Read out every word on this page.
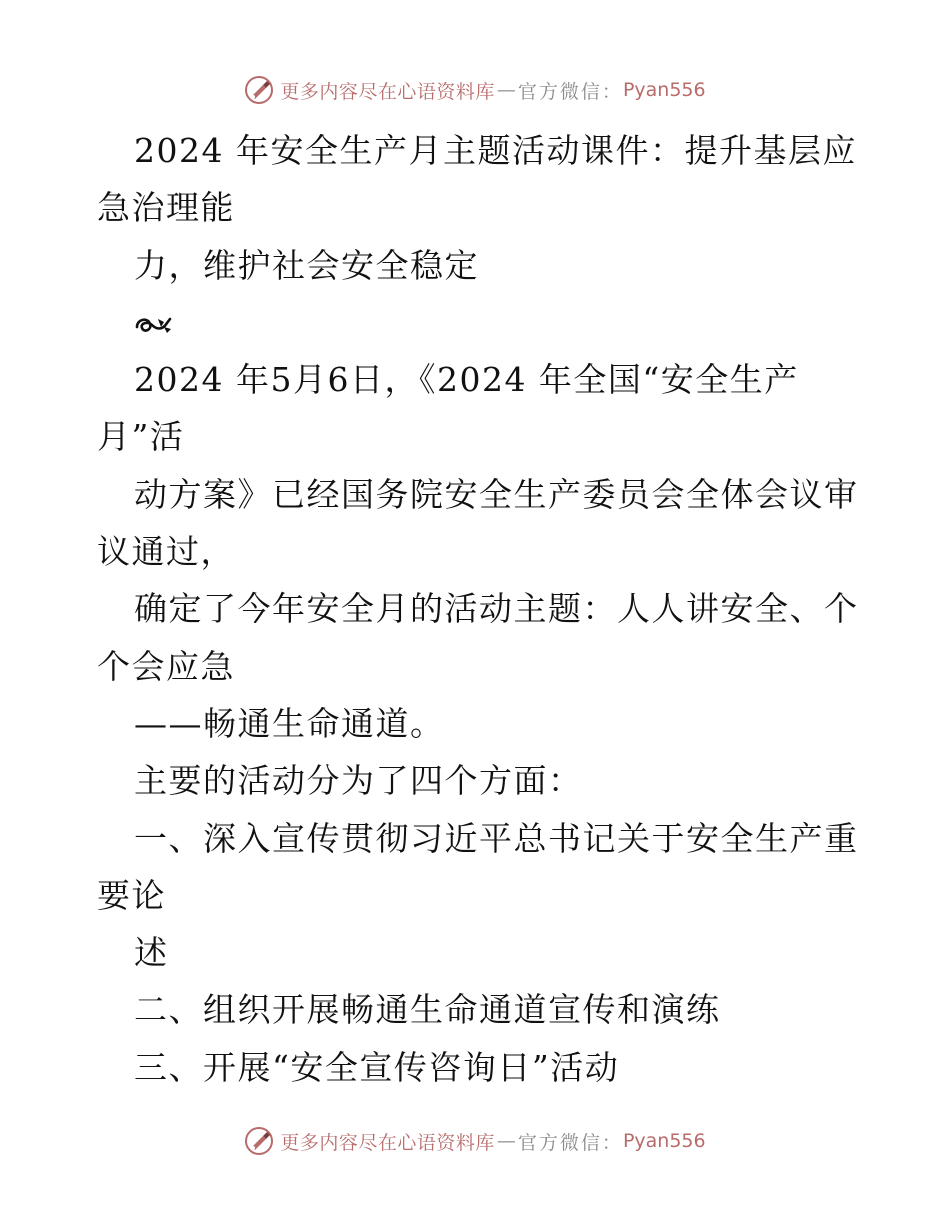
更多内容尽在心语资料库 — 官方微信： Pyan556
2024 年安全生产月主题活动课件：提升基层应
急治理能
力，维护社会安全稳定
2024 年5月6日，《2024 年全国“安全生产
月”活
动方案》已经国务院安全生产委员会全体会议审
议通过，
确定了今年安全月的活动主题：人人讲安全、个
个会应急
——畅通生命通道。
主要的活动分为了四个方面：
一、深入宣传贯彻习近平总书记关于安全生产重
要论
述
二、组织开展畅通生命通道宣传和演练
三、开展“安全宣传咨询日”活动
更多内容尽在心语资料库 — 官方微信： Pyan556
